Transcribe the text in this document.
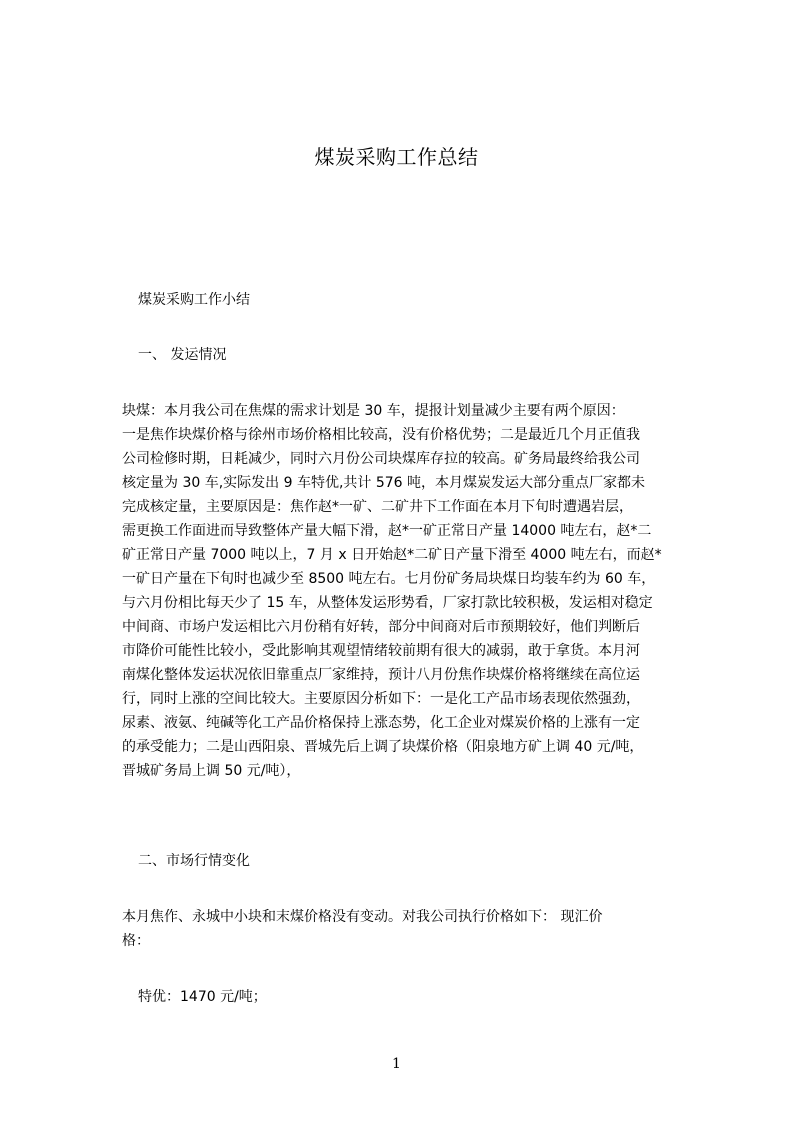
煤炭采购工作总结
煤炭采购工作小结
一、 发运情况
块煤：本月我公司在焦煤的需求计划是 30 车，提报计划量减少主要有两个原因：
一是焦作块煤价格与徐州市场价格相比较高，没有价格优势；二是最近几个月正值我
公司检修时期，日耗减少，同时六月份公司块煤库存拉的较高。矿务局最终给我公司
核定量为 30 车,实际发出 9 车特优,共计 576 吨，本月煤炭发运大部分重点厂家都未
完成核定量，主要原因是：焦作赵*一矿、二矿井下工作面在本月下旬时遭遇岩层，
需更换工作面进而导致整体产量大幅下滑，赵*一矿正常日产量 14000 吨左右，赵*二
矿正常日产量 7000 吨以上，7 月 x 日开始赵*二矿日产量下滑至 4000 吨左右，而赵*
一矿日产量在下旬时也减少至 8500 吨左右。七月份矿务局块煤日均装车约为 60 车，
与六月份相比每天少了 15 车，从整体发运形势看，厂家打款比较积极，发运相对稳定
中间商、市场户发运相比六月份稍有好转，部分中间商对后市预期较好，他们判断后
市降价可能性比较小，受此影响其观望情绪较前期有很大的减弱，敢于拿货。本月河
南煤化整体发运状况依旧靠重点厂家维持，预计八月份焦作块煤价格将继续在高位运
行，同时上涨的空间比较大。主要原因分析如下：一是化工产品市场表现依然强劲，
尿素、液氨、纯碱等化工产品价格保持上涨态势，化工企业对煤炭价格的上涨有一定
的承受能力；二是山西阳泉、晋城先后上调了块煤价格（阳泉地方矿上调 40 元/吨，
晋城矿务局上调 50 元/吨），
二、市场行情变化
本月焦作、永城中小块和末煤价格没有变动。对我公司执行价格如下： 现汇价
格：
特优：1470 元/吨；
1
